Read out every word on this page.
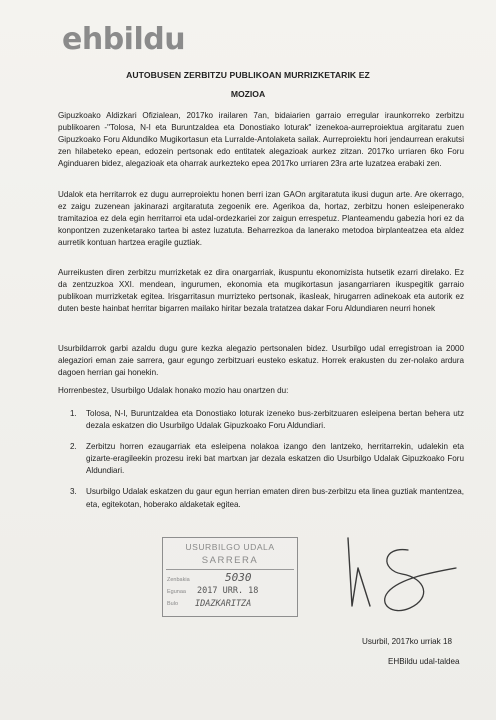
ehbildu
AUTOBUSEN ZERBITZU PUBLIKOAN MURRIZKETARIK EZ
MOZIOA

Gipuzkoako Aldizkari Ofizialean, 2017ko irailaren 7an, bidaiarien garraio erregular iraunkorreko zerbitzu publikoaren -"Tolosa, N-I eta Buruntzaldea eta Donostiako loturak" izenekoa-aurreproiektua argitaratu zuen Gipuzkoako Foru Aldundiko Mugikortasun eta Lurralde-Antolaketa sailak. Aurreproiektu hori jendaurrean erakutsi zen hilabeteko epean, edozein pertsonak edo entitatek alegazioak aurkez zitzan. 2017ko urriaren 6ko Foru Aginduaren bidez, alegazioak eta oharrak aurkezteko epea 2017ko urriaren 23ra arte luzatzea erabaki zen.

Udalok eta herritarrok ez dugu aurreproiektu honen berri izan GAOn argitaratuta ikusi dugun arte. Are okerrago, ez zaigu zuzenean jakinarazi argitaratuta zegoenik ere. Agerikoa da, hortaz, zerbitzu honen esleipenerako tramitazioa ez dela egin herritarroi eta udal-ordezkariei zor zaigun errespetuz. Planteamendu gabezia hori ez da konpontzen zuzenketarako tartea bi astez luzatuta. Beharrezkoa da lanerako metodoa birplanteatzea eta aldez aurretik kontuan hartzea eragile guztiak.

Aurreikusten diren zerbitzu murrizketak ez dira onargarriak, ikuspuntu ekonomizista hutsetik ezarri direlako. Ez da zentzuzkoa XXI. mendean, ingurumen, ekonomia eta mugikortasun jasangarriaren ikuspegitik garraio publikoan murrizketak egitea. Irisgarritasun murrizteko pertsonak, ikasleak, hirugarren adinekoak eta autorik ez duten beste hainbat herritar bigarren mailako hiritar bezala tratatzea dakar Foru Aldundiaren neurri honek

Usurbildarrok garbi azaldu dugu gure kezka alegazio pertsonalen bidez. Usurbilgo udal erregistroan ia 2000 alegaziori eman zaie sarrera, gaur egungo zerbitzuari eusteko eskatuz. Horrek erakusten du zer-nolako ardura dagoen herrian gai honekin.

Horrenbestez, Usurbilgo Udalak honako mozio hau onartzen du:

1. Tolosa, N-I, Buruntzaldea eta Donostiako loturak izeneko bus-zerbitzuaren esleipena bertan behera utz dezala eskatzen dio Usurbilgo Udalak Gipuzkoako Foru Aldundiari.
2. Zerbitzu horren ezaugarriak eta esleipena nolakoa izango den lantzeko, herritarrekin, udalekin eta gizarte-eragileekin prozesu ireki bat martxan jar dezala eskatzen dio Usurbilgo Udalak Gipuzkoako Foru Aldundiari.
3. Usurbilgo Udalak eskatzen du gaur egun herrian ematen diren bus-zerbitzu eta linea guztiak mantentzea, eta, egitekotan, hoberako aldaketak egitea.
USURBILGO UDALA
SARRERA
Zenbakia
Egunaa
Bulo
5030
2017 URR. 18
IDAZKARITZA
Usurbil, 2017ko urriak 18
EHBildu udal-taldea
